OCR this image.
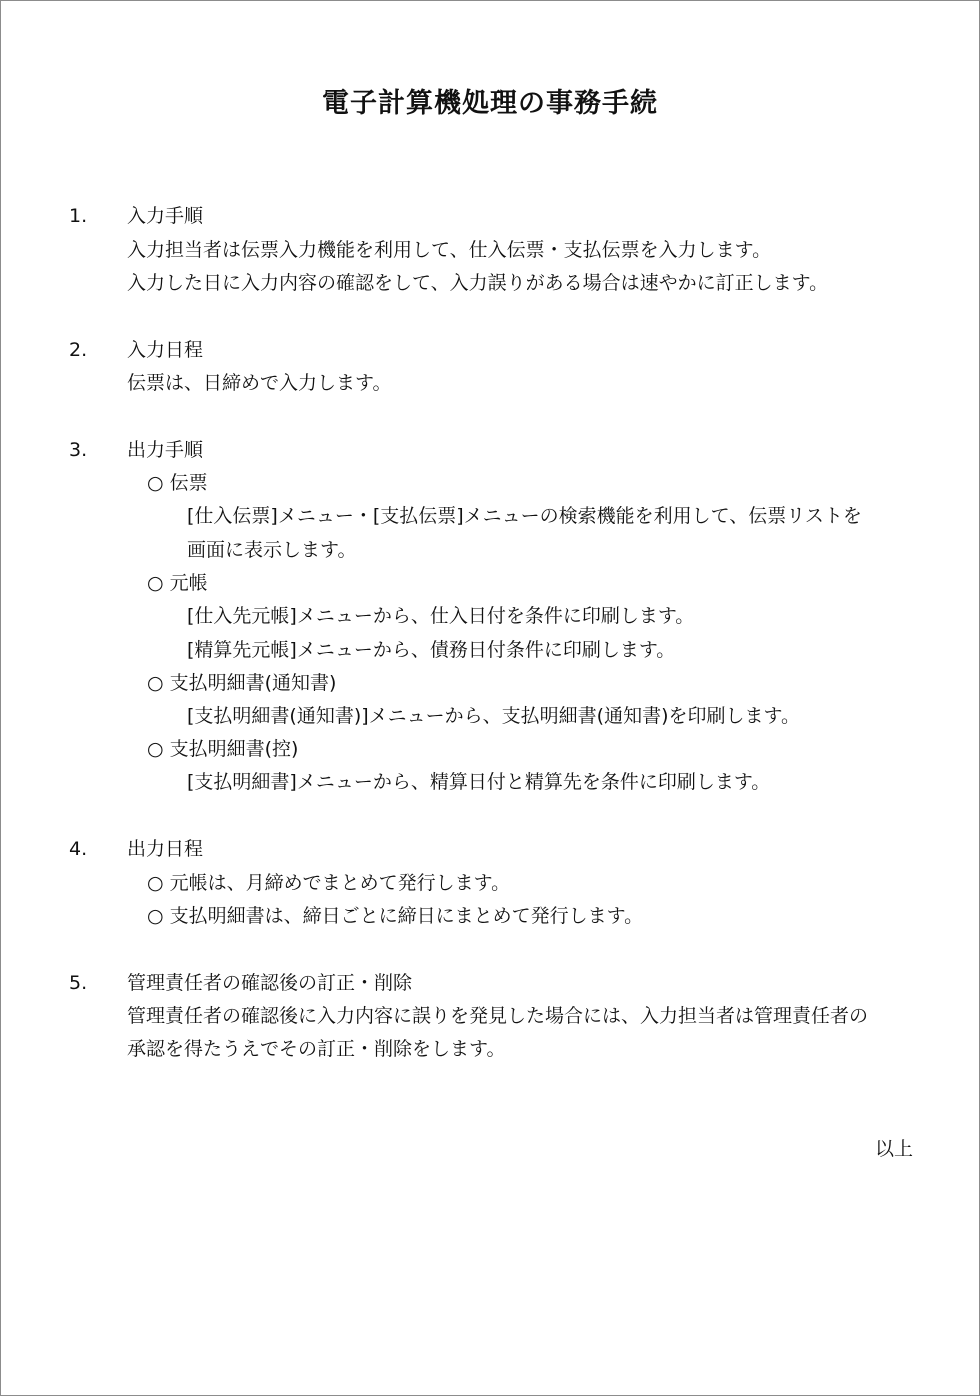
電子計算機処理の事務手続
1. 入力手順
入力担当者は伝票入力機能を利用して、仕入伝票・支払伝票を入力します。
入力した日に入力内容の確認をして、入力誤りがある場合は速やかに訂正します。
2. 入力日程
伝票は、日締めで入力します。
3. 出力手順
○ 伝票
[仕入伝票]メニュー・[支払伝票]メニューの検索機能を利用して、伝票リストを
画面に表示します。
○ 元帳
[仕入先元帳]メニューから、仕入日付を条件に印刷します。
[精算先元帳]メニューから、債務日付条件に印刷します。
○ 支払明細書(通知書)
[支払明細書(通知書)]メニューから、支払明細書(通知書)を印刷します。
○ 支払明細書(控)
[支払明細書]メニューから、精算日付と精算先を条件に印刷します。
4. 出力日程
○ 元帳は、月締めでまとめて発行します。
○ 支払明細書は、締日ごとに締日にまとめて発行します。
5. 管理責任者の確認後の訂正・削除
管理責任者の確認後に入力内容に誤りを発見した場合には、入力担当者は管理責任者の
承認を得たうえでその訂正・削除をします。
以上
